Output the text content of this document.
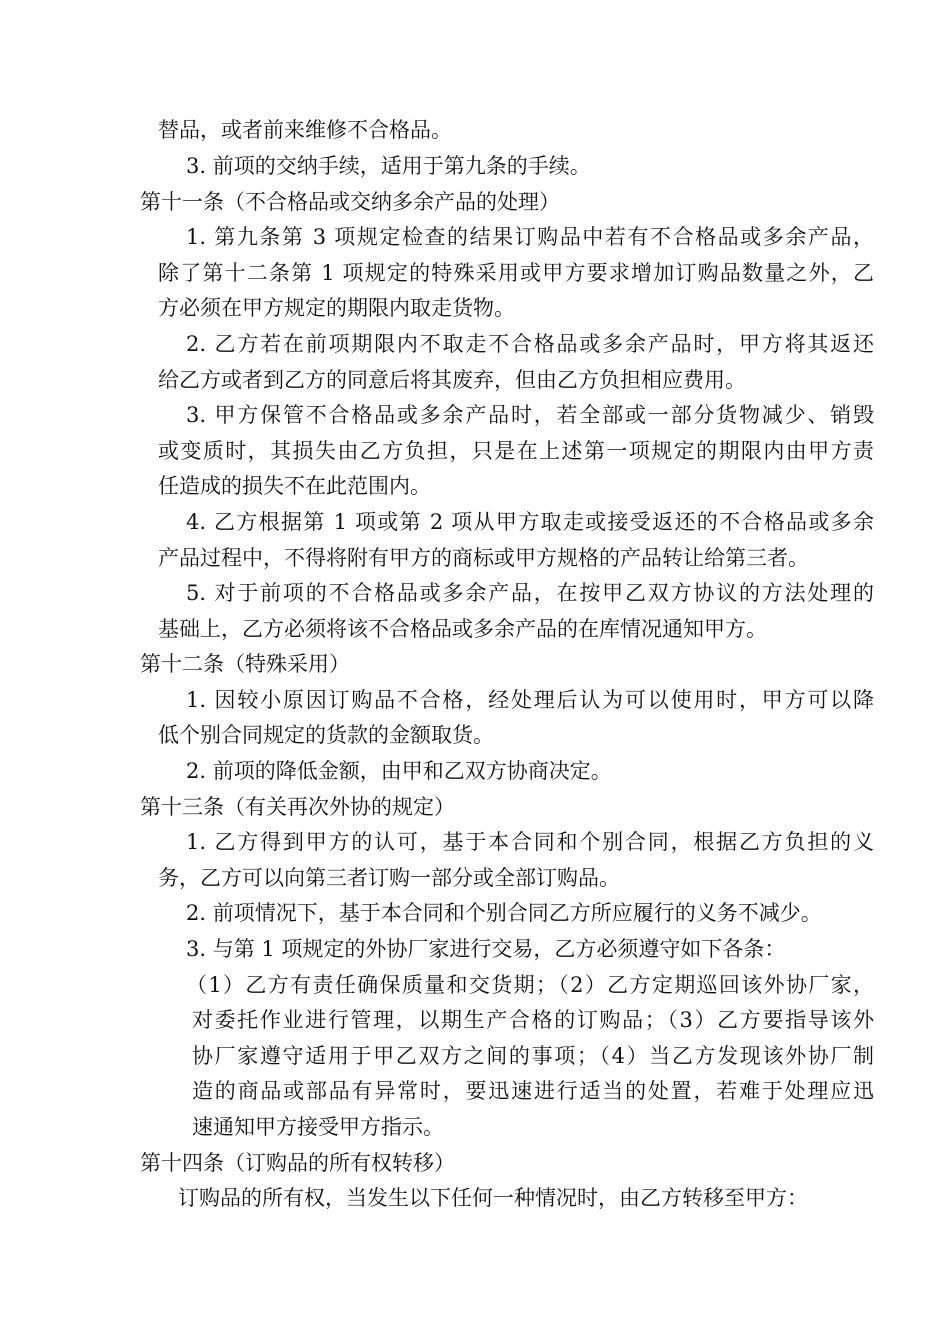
替品，或者前来维修不合格品。
3. 前项的交纳手续，适用于第九条的手续。
第十一条（不合格品或交纳多余产品的处理）
1. 第九条第 3 项规定检查的结果订购品中若有不合格品或多余产品，
除了第十二条第 1 项规定的特殊采用或甲方要求增加订购品数量之外，乙
方必须在甲方规定的期限内取走货物。
2. 乙方若在前项期限内不取走不合格品或多余产品时，甲方将其返还
给乙方或者到乙方的同意后将其废弃，但由乙方负担相应费用。
3. 甲方保管不合格品或多余产品时，若全部或一部分货物减少、销毁
或变质时，其损失由乙方负担，只是在上述第一项规定的期限内由甲方责
任造成的损失不在此范围内。
4. 乙方根据第 1 项或第 2 项从甲方取走或接受返还的不合格品或多余
产品过程中，不得将附有甲方的商标或甲方规格的产品转让给第三者。
5. 对于前项的不合格品或多余产品，在按甲乙双方协议的方法处理的
基础上，乙方必须将该不合格品或多余产品的在库情况通知甲方。
第十二条（特殊采用）
1. 因较小原因订购品不合格，经处理后认为可以使用时，甲方可以降
低个别合同规定的货款的金额取货。
2. 前项的降低金额，由甲和乙双方协商决定。
第十三条（有关再次外协的规定）
1. 乙方得到甲方的认可，基于本合同和个别合同，根据乙方负担的义
务，乙方可以向第三者订购一部分或全部订购品。
2. 前项情况下，基于本合同和个别合同乙方所应履行的义务不减少。
3. 与第 1 项规定的外协厂家进行交易，乙方必须遵守如下各条：
（1）乙方有责任确保质量和交货期；（2）乙方定期巡回该外协厂家，
对委托作业进行管理，以期生产合格的订购品；（3）乙方要指导该外
协厂家遵守适用于甲乙双方之间的事项；（4）当乙方发现该外协厂制
造的商品或部品有异常时，要迅速进行适当的处置，若难于处理应迅
速通知甲方接受甲方指示。
第十四条（订购品的所有权转移）
订购品的所有权，当发生以下任何一种情况时，由乙方转移至甲方：
